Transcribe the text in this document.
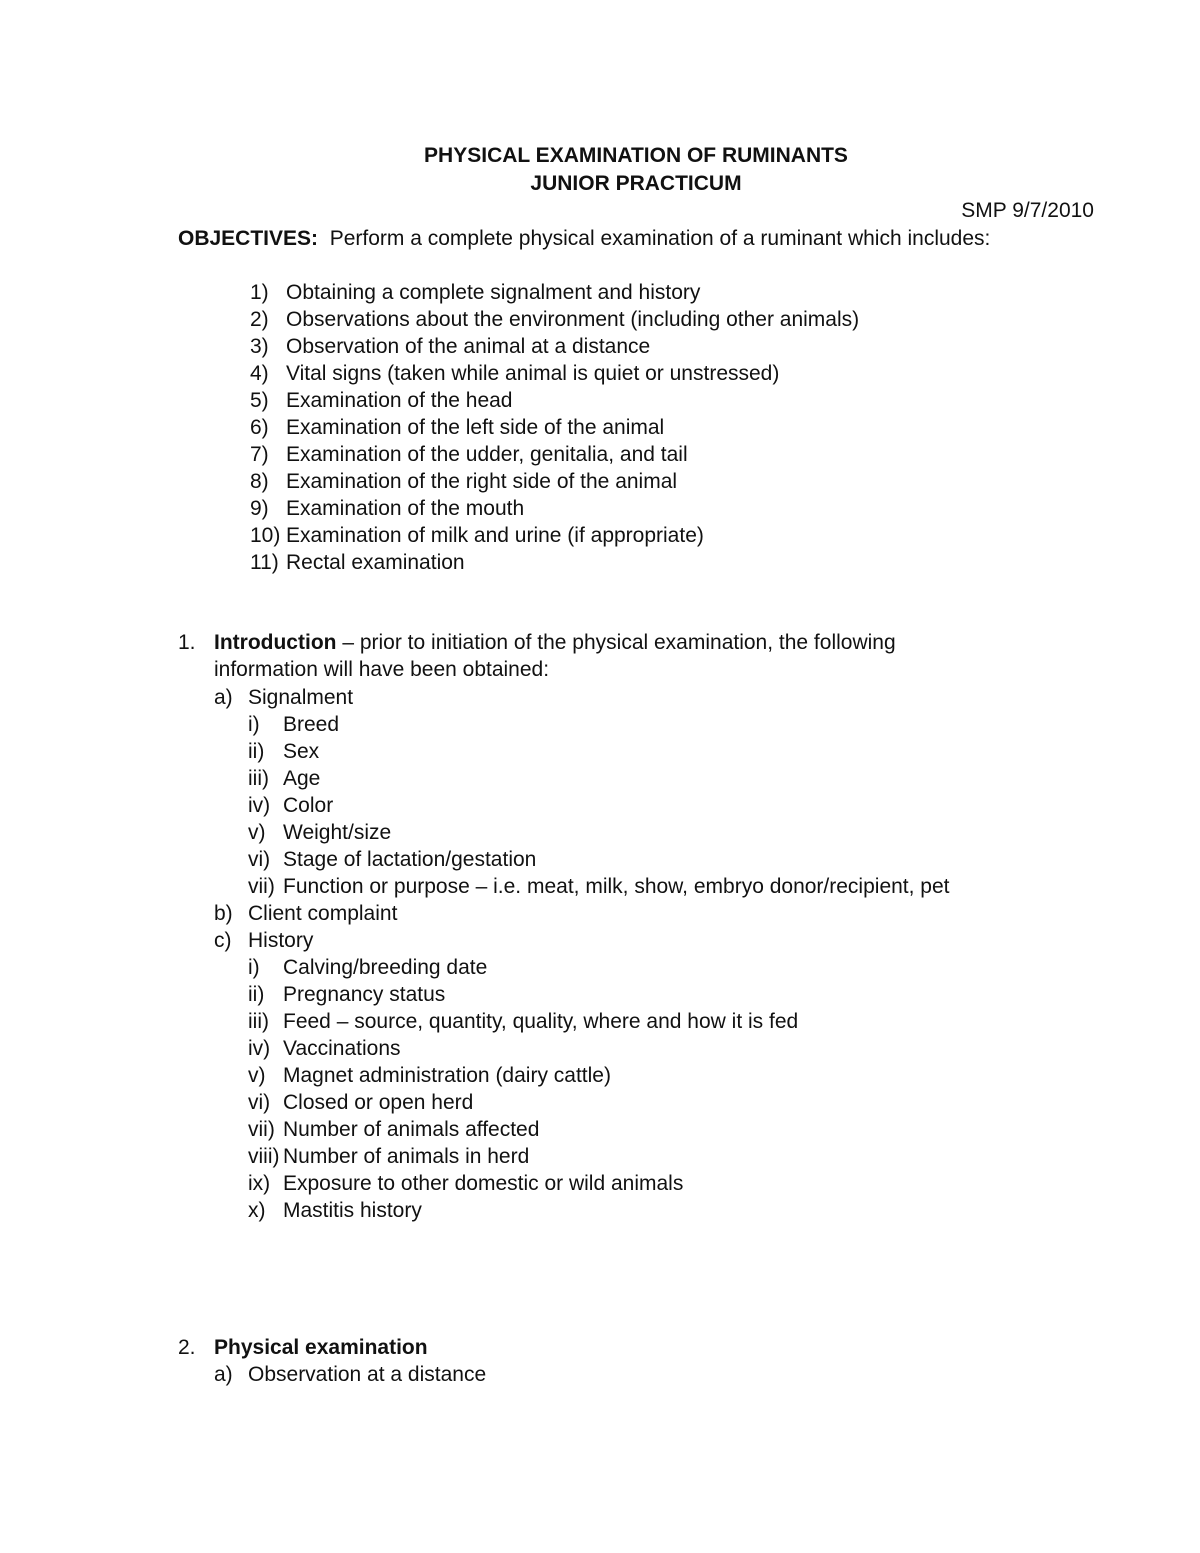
PHYSICAL EXAMINATION OF RUMINANTS
JUNIOR PRACTICUM
SMP 9/7/2010
OBJECTIVES: Perform a complete physical examination of a ruminant which includes:
1) Obtaining a complete signalment and history
2) Observations about the environment (including other animals)
3) Observation of the animal at a distance
4) Vital signs (taken while animal is quiet or unstressed)
5) Examination of the head
6) Examination of the left side of the animal
7) Examination of the udder, genitalia, and tail
8) Examination of the right side of the animal
9) Examination of the mouth
10) Examination of milk and urine (if appropriate)
11) Rectal examination
1. Introduction – prior to initiation of the physical examination, the following
information will have been obtained:
a) Signalment
i) Breed
ii) Sex
iii) Age
iv) Color
v) Weight/size
vi) Stage of lactation/gestation
vii) Function or purpose – i.e. meat, milk, show, embryo donor/recipient, pet
b) Client complaint
c) History
i) Calving/breeding date
ii) Pregnancy status
iii) Feed – source, quantity, quality, where and how it is fed
iv) Vaccinations
v) Magnet administration (dairy cattle)
vi) Closed or open herd
vii) Number of animals affected
viii) Number of animals in herd
ix) Exposure to other domestic or wild animals
x) Mastitis history
2. Physical examination
a) Observation at a distance
